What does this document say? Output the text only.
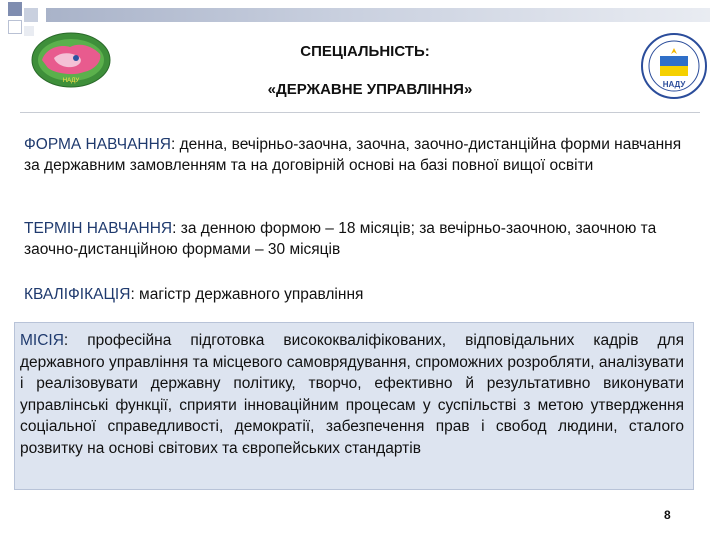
НАДУ	НАДУ
СПЕЦІАЛЬНІСТЬ:
«ДЕРЖАВНЕ УПРАВЛІННЯ»
ФОРМА НАВЧАННЯ: денна, вечірньо-заочна, заочна, заочно-дистанційна форми навчання за державним замовленням та на договірній основі на базі повної вищої освіти
ТЕРМІН НАВЧАННЯ: за денною формою – 18 місяців; за вечірньо-заочною, заочною та заочно-дистанційною формами – 30 місяців
КВАЛІФІКАЦІЯ: магістр державного управління
МІСІЯ: професійна підготовка висококваліфікованих, відповідальних кадрів для державного управління та місцевого самоврядування, спроможних розробляти, аналізувати і реалізовувати державну політику, творчо, ефективно й результативно виконувати управлінські функції, сприяти інноваційним процесам у суспільстві з метою утвердження соціальної справедливості, демократії, забезпечення прав і свобод людини, сталого розвитку на основі світових та європейських стандартів
8
